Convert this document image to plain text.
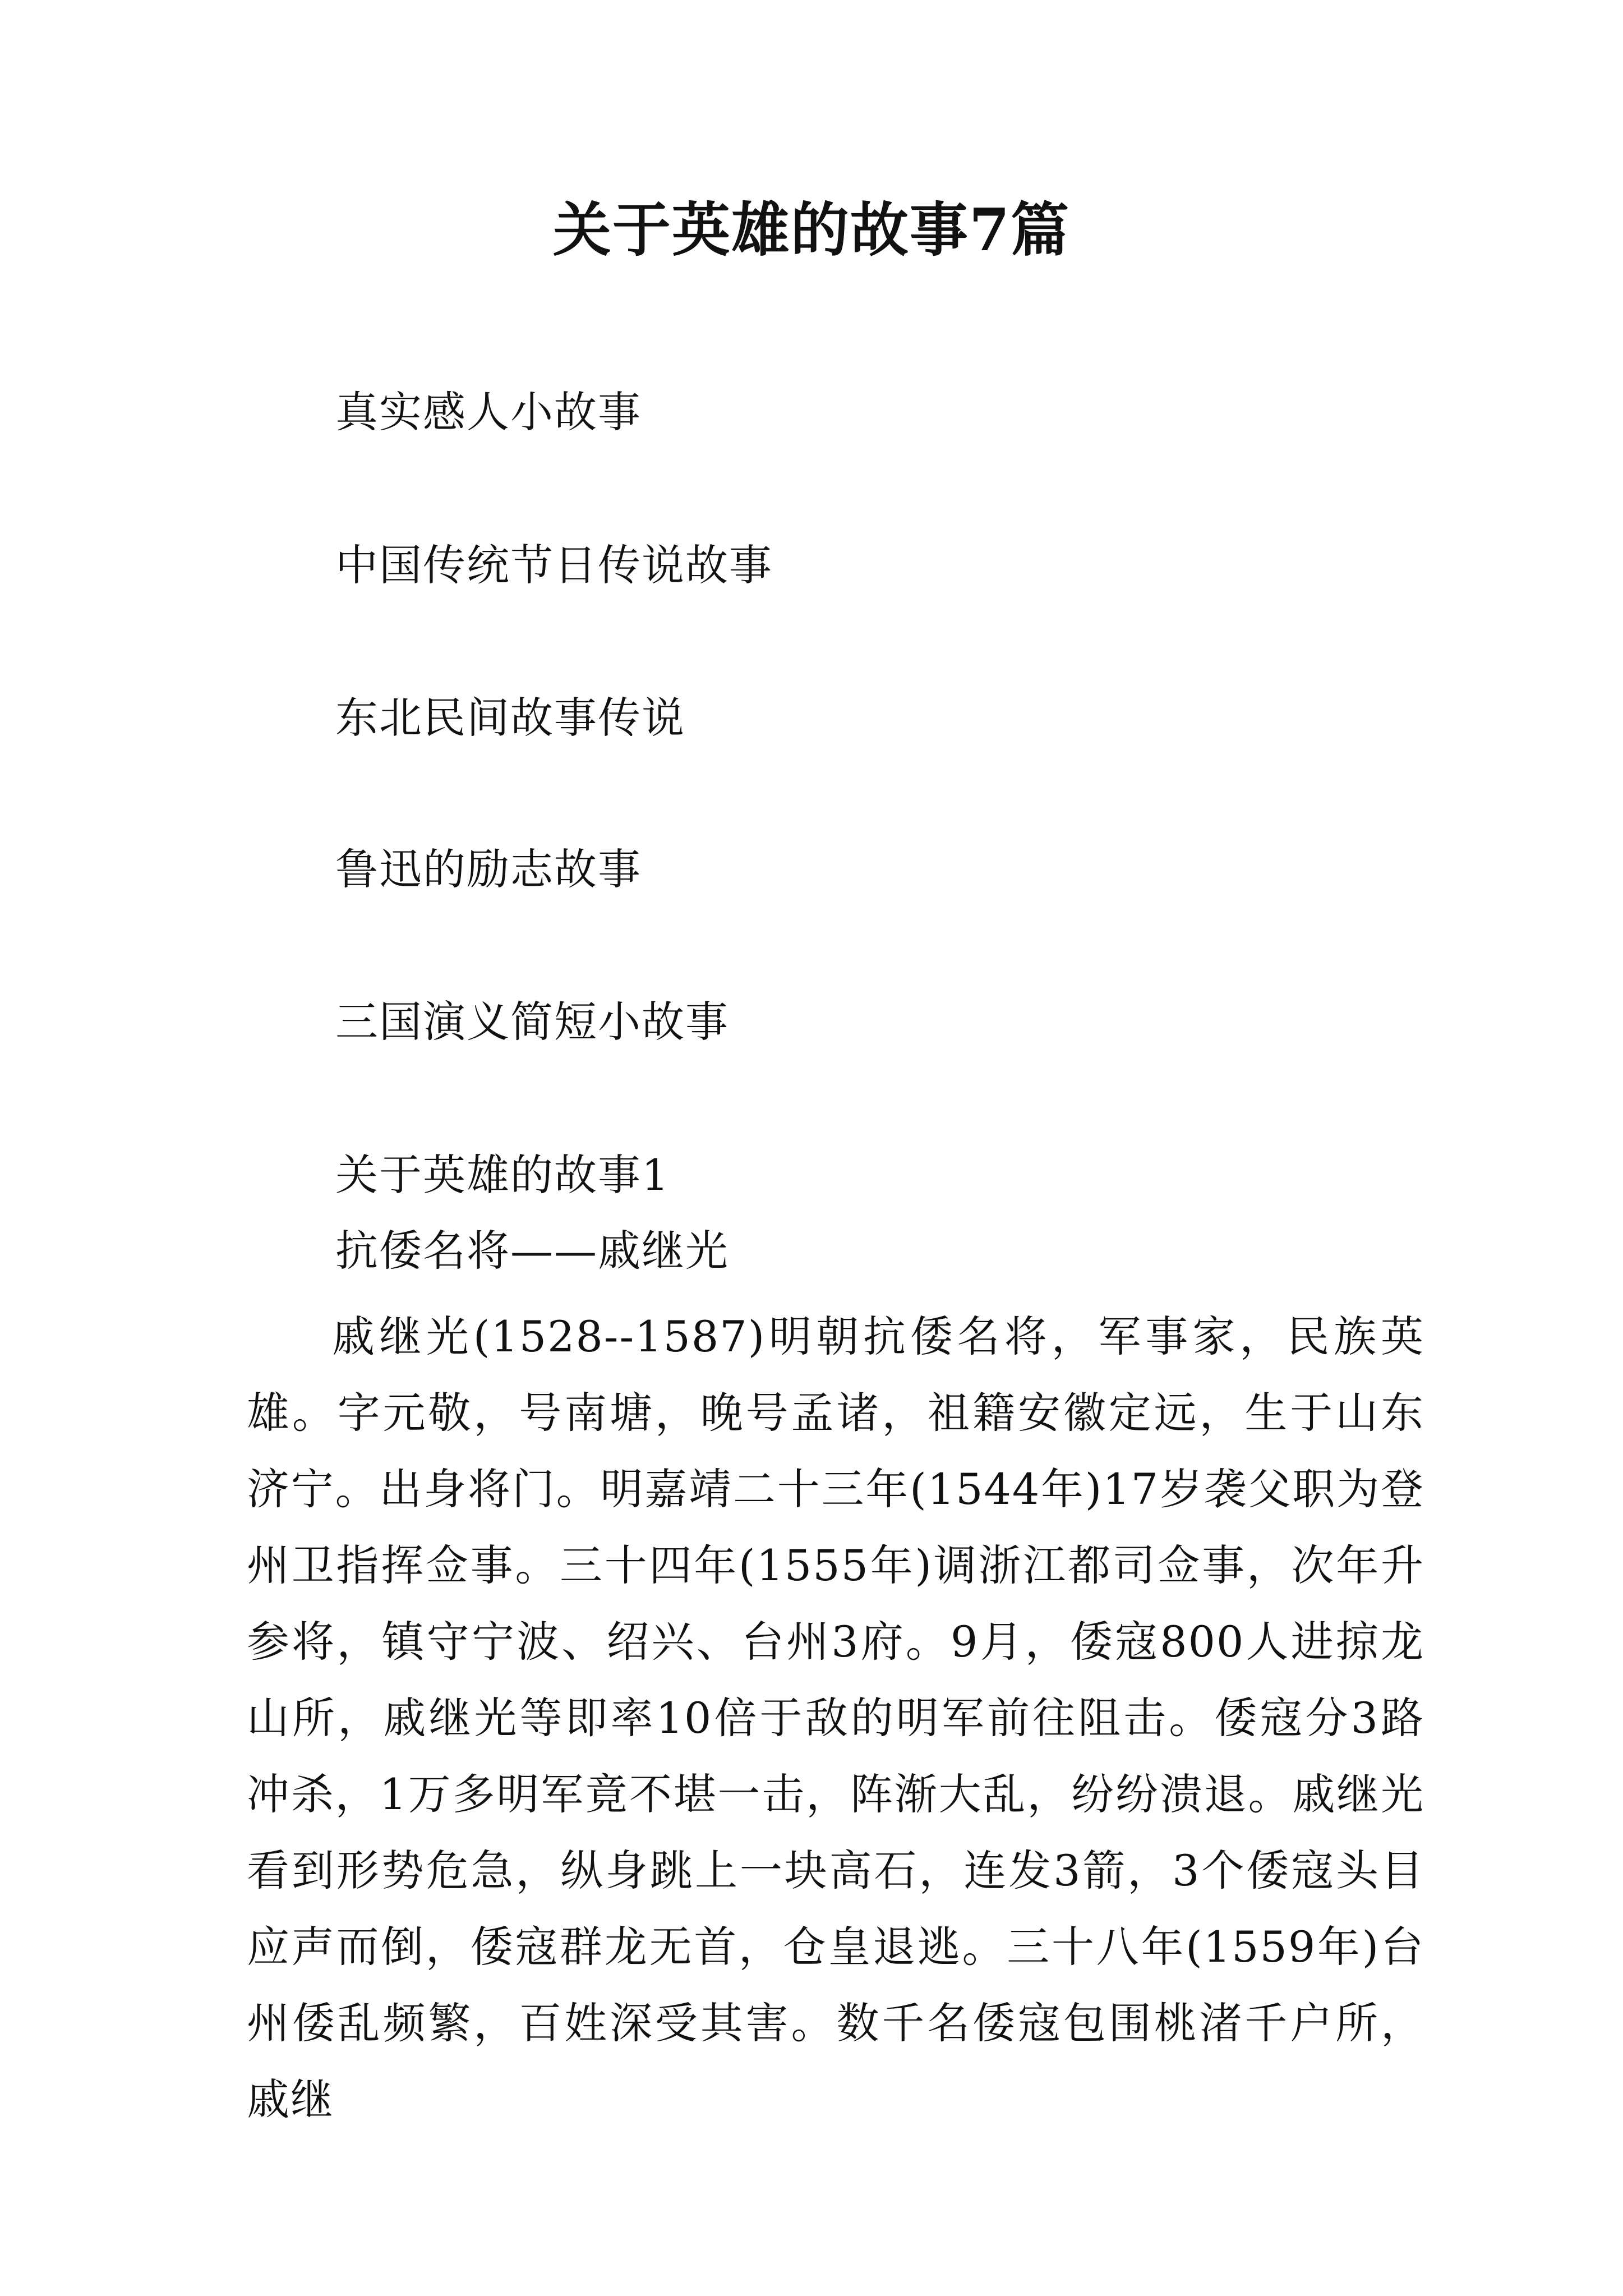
关于英雄的故事7篇
真实感人小故事
中国传统节日传说故事
东北民间故事传说
鲁迅的励志故事
三国演义简短小故事
关于英雄的故事1
抗倭名将——戚继光

戚继光(1528--1587)明朝抗倭名将，军事家，民族英雄。字元敬，号南塘，晚号孟诸，祖籍安徽定远，生于山东济宁。出身将门。明嘉靖二十三年(1544年)17岁袭父职为登州卫指挥佥事。三十四年(1555年)调浙江都司佥事，次年升参将，镇守宁波、绍兴、台州3府。9月，倭寇800人进掠龙山所，戚继光等即率10倍于敌的明军前往阻击。倭寇分3路冲杀，1万多明军竟不堪一击，阵渐大乱，纷纷溃退。戚继光看到形势危急，纵身跳上一块高石，连发3箭，3个倭寇头目应声而倒，倭寇群龙无首，仓皇退逃。三十八年(1559年)台州倭乱频繁，百姓深受其害。数千名倭寇包围桃渚千户所，戚继
